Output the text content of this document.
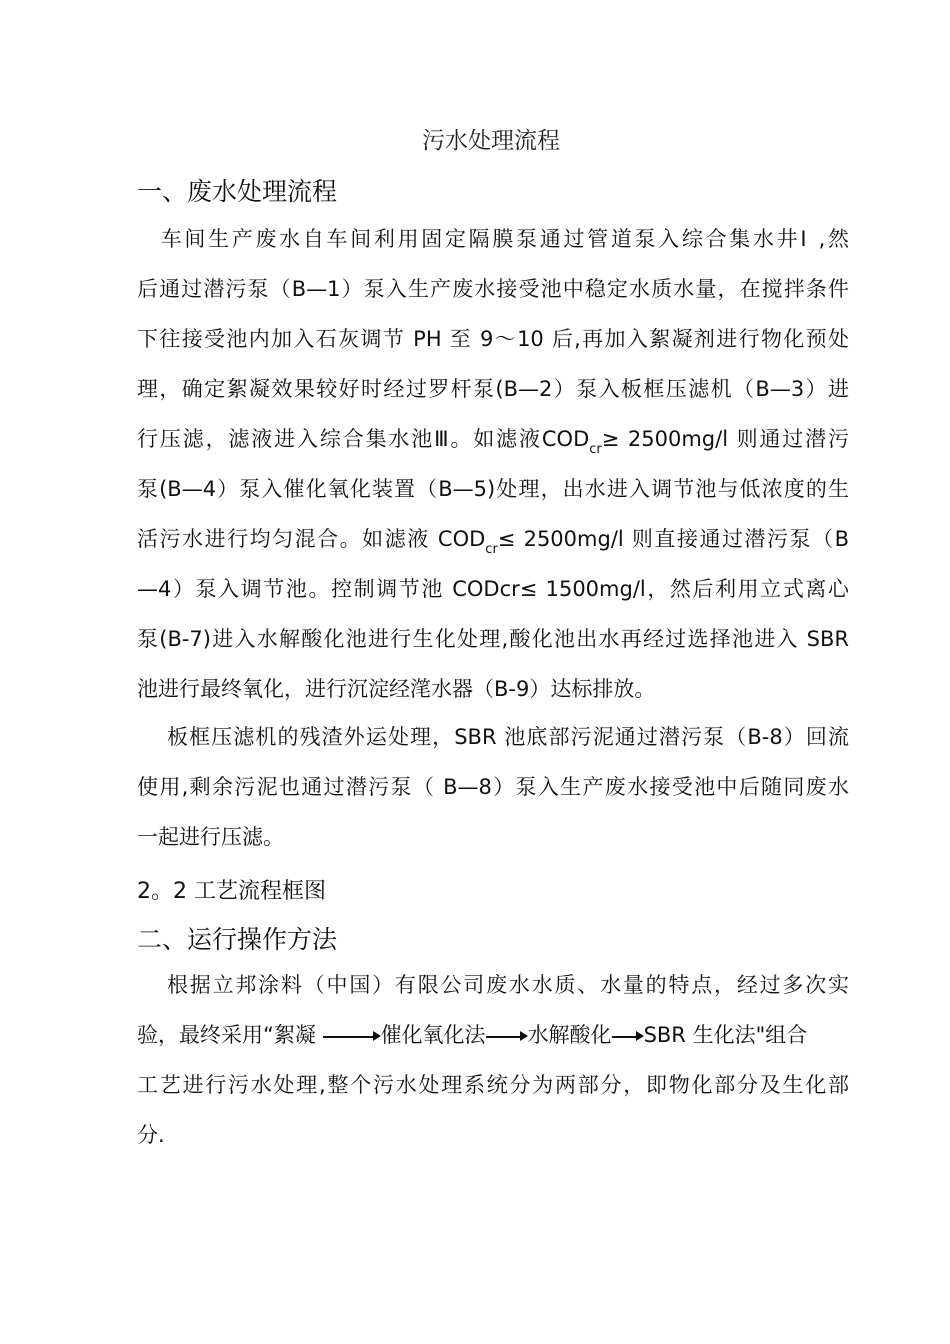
污水处理流程
一、废水处理流程
　车间生产废水自车间利用固定隔膜泵通过管道泵入综合集水井Ⅰ ,然
后通过潜污泵（B—1）泵入生产废水接受池中稳定水质水量，在搅拌条件
下往接受池内加入石灰调节 PH 至 9～10 后,再加入絮凝剂进行物化预处
理，确定絮凝效果较好时经过罗杆泵(B—2）泵入板框压滤机（B—3）进
行压滤，滤液进入综合集水池Ⅲ。如滤液$COD_{cr}\ge 2500mg/l$ 则通过潜污
泵(B—4）泵入催化氧化装置（B—5)处理，出水进入调节池与低浓度的生
活污水进行均匀混合。如滤液 $COD_{cr}\le 2500mg/l$ 则直接通过潜污泵（B
—4）泵入调节池。控制调节池 CODcr≤ 1500mg/l，然后利用立式离心
泵(B-7)进入水解酸化池进行生化处理,酸化池出水再经过选择池进入 SBR
池进行最终氧化，进行沉淀经滗水器（B-9）达标排放。
板框压滤机的残渣外运处理，SBR 池底部污泥通过潜污泵（B-8）回流
使用,剩余污泥也通过潜污泵（ B—8）泵入生产废水接受池中后随同废水
一起进行压滤。
2。2 工艺流程框图
二、运行操作方法
根据立邦涂料（中国）有限公司废水水质、水量的特点，经过多次实
验，最终采用“絮凝	催化氧化法 水解酸化 SBR 生化法"组合
工艺进行污水处理,整个污水处理系统分为两部分，即物化部分及生化部
分.
